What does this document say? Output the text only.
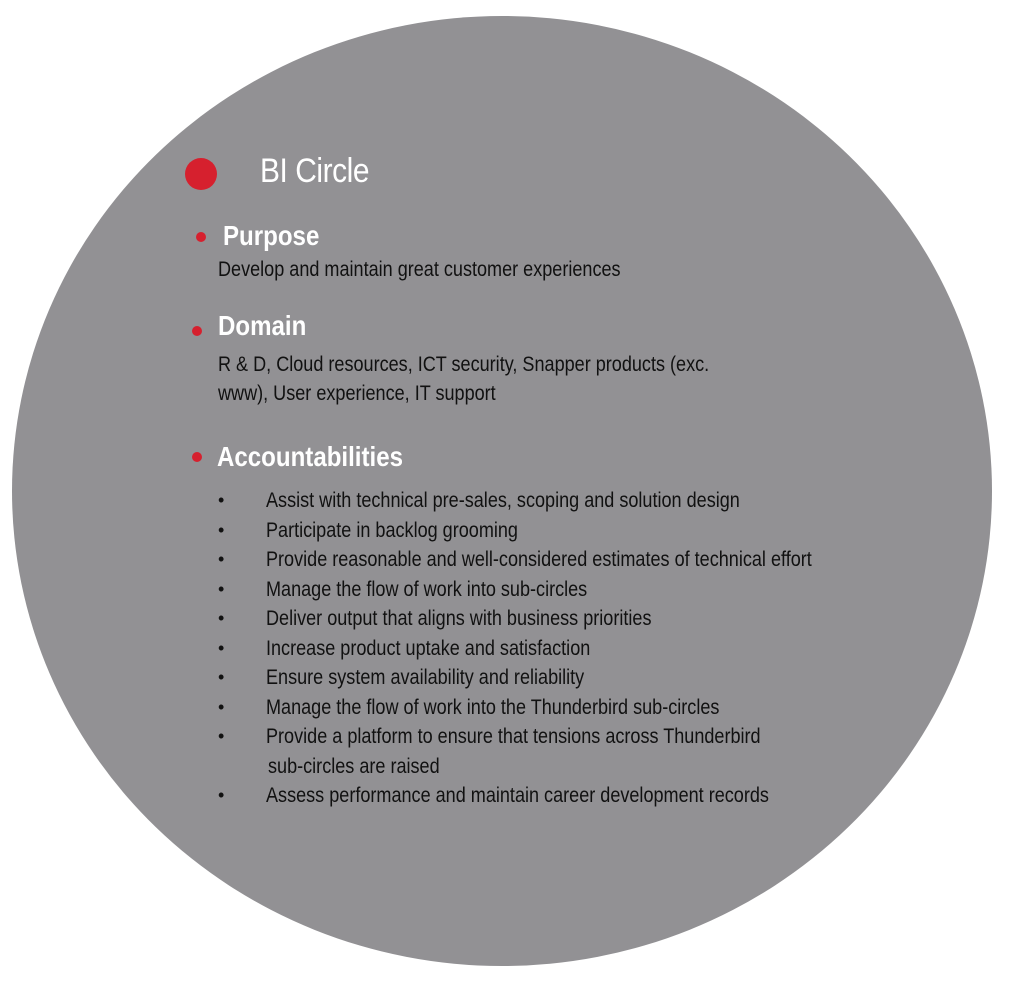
BI Circle
Purpose
Develop and maintain great customer experiences
Domain
R & D, Cloud resources, ICT security, Snapper products (exc.
www), User experience, IT support
Accountabilities
• Assist with technical pre-sales, scoping and solution design
• Participate in backlog grooming
• Provide reasonable and well-considered estimates of technical effort
• Manage the flow of work into sub-circles
• Deliver output that aligns with business priorities
• Increase product uptake and satisfaction
• Ensure system availability and reliability
• Manage the flow of work into the Thunderbird sub-circles
• Provide a platform to ensure that tensions across Thunderbird
sub-circles are raised
• Assess performance and maintain career development records
